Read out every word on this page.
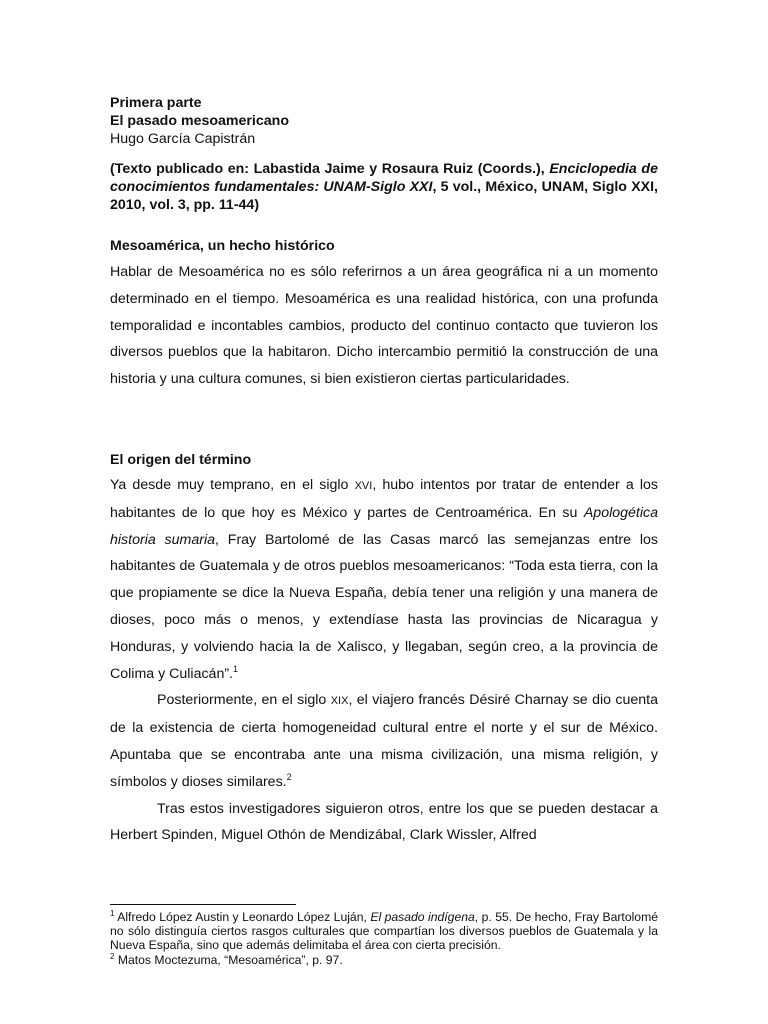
Primera parte
El pasado mesoamericano
Hugo García Capistrán
(Texto publicado en: Labastida Jaime y Rosaura Ruiz (Coords.), Enciclopedia de conocimientos fundamentales: UNAM-Siglo XXI, 5 vol., México, UNAM, Siglo XXI, 2010, vol. 3, pp. 11-44)
Mesoamérica, un hecho histórico

Hablar de Mesoamérica no es sólo referirnos a un área geográfica ni a un momento determinado en el tiempo. Mesoamérica es una realidad histórica, con una profunda temporalidad e incontables cambios, producto del continuo contacto que tuvieron los diversos pueblos que la habitaron. Dicho intercambio permitió la construcción de una historia y una cultura comunes, si bien existieron ciertas particularidades.

El origen del término

Ya desde muy temprano, en el siglo XVI, hubo intentos por tratar de entender a los habitantes de lo que hoy es México y partes de Centroamérica. En su Apologética historia sumaria, Fray Bartolomé de las Casas marcó las semejanzas entre los habitantes de Guatemala y de otros pueblos mesoamericanos: “Toda esta tierra, con la que propiamente se dice la Nueva España, debía tener una religión y una manera de dioses, poco más o menos, y extendíase hasta las provincias de Nicaragua y Honduras, y volviendo hacia la de Xalisco, y llegaban, según creo, a la provincia de Colima y Culiacán”.$^1$

Posteriormente, en el siglo XIX, el viajero francés Désiré Charnay se dio cuenta de la existencia de cierta homogeneidad cultural entre el norte y el sur de México. Apuntaba que se encontraba ante una misma civilización, una misma religión, y símbolos y dioses similares.$^2$

Tras estos investigadores siguieron otros, entre los que se pueden destacar a Herbert Spinden, Miguel Othón de Mendizábal, Clark Wissler, Alfred

$^1$ Alfredo López Austin y Leonardo López Luján, El pasado indígena, p. 55. De hecho, Fray Bartolomé no sólo distinguía ciertos rasgos culturales que compartían los diversos pueblos de Guatemala y la Nueva España, sino que además delimitaba el área con cierta precisión.

$^2$ Matos Moctezuma, “Mesoamérica”, p. 97.
